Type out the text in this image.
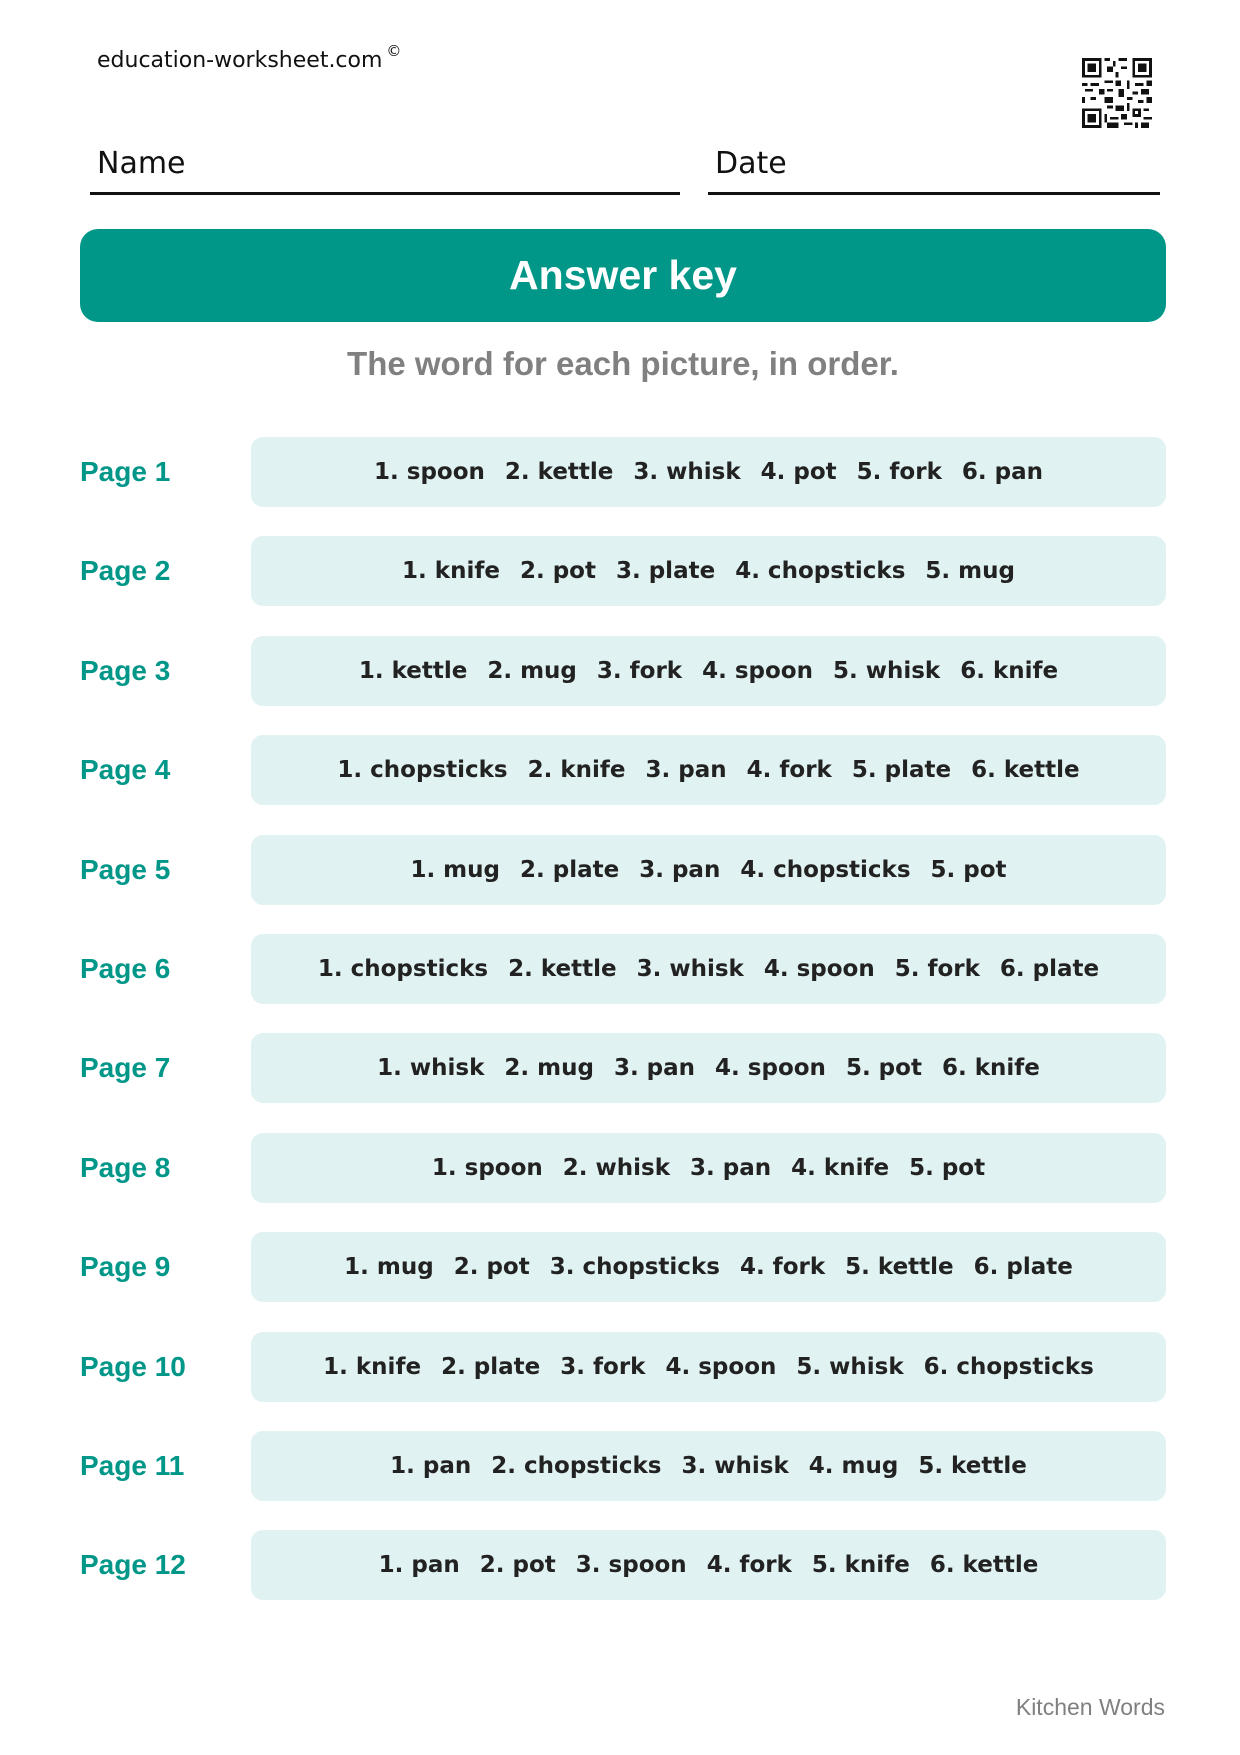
education-worksheet.com ©
Name	Date
Answer key
The word for each picture, in order.
Page 1	1. spoon 2. kettle 3. whisk 4. pot 5. fork 6. pan
Page 2	1. knife 2. pot 3. plate 4. chopsticks 5. mug
Page 3	1. kettle 2. mug 3. fork 4. spoon 5. whisk 6. knife
Page 4	1. chopsticks 2. knife 3. pan 4. fork 5. plate 6. kettle
Page 5	1. mug 2. plate 3. pan 4. chopsticks 5. pot
Page 6	1. chopsticks 2. kettle 3. whisk 4. spoon 5. fork 6. plate
Page 7	1. whisk 2. mug 3. pan 4. spoon 5. pot 6. knife
Page 8	1. spoon 2. whisk 3. pan 4. knife 5. pot
Page 9	1. mug 2. pot 3. chopsticks 4. fork 5. kettle 6. plate
Page 10	1. knife 2. plate 3. fork 4. spoon 5. whisk 6. chopsticks
Page 11	1. pan 2. chopsticks 3. whisk 4. mug 5. kettle
Page 12	1. pan 2. pot 3. spoon 4. fork 5. knife 6. kettle
Kitchen Words
